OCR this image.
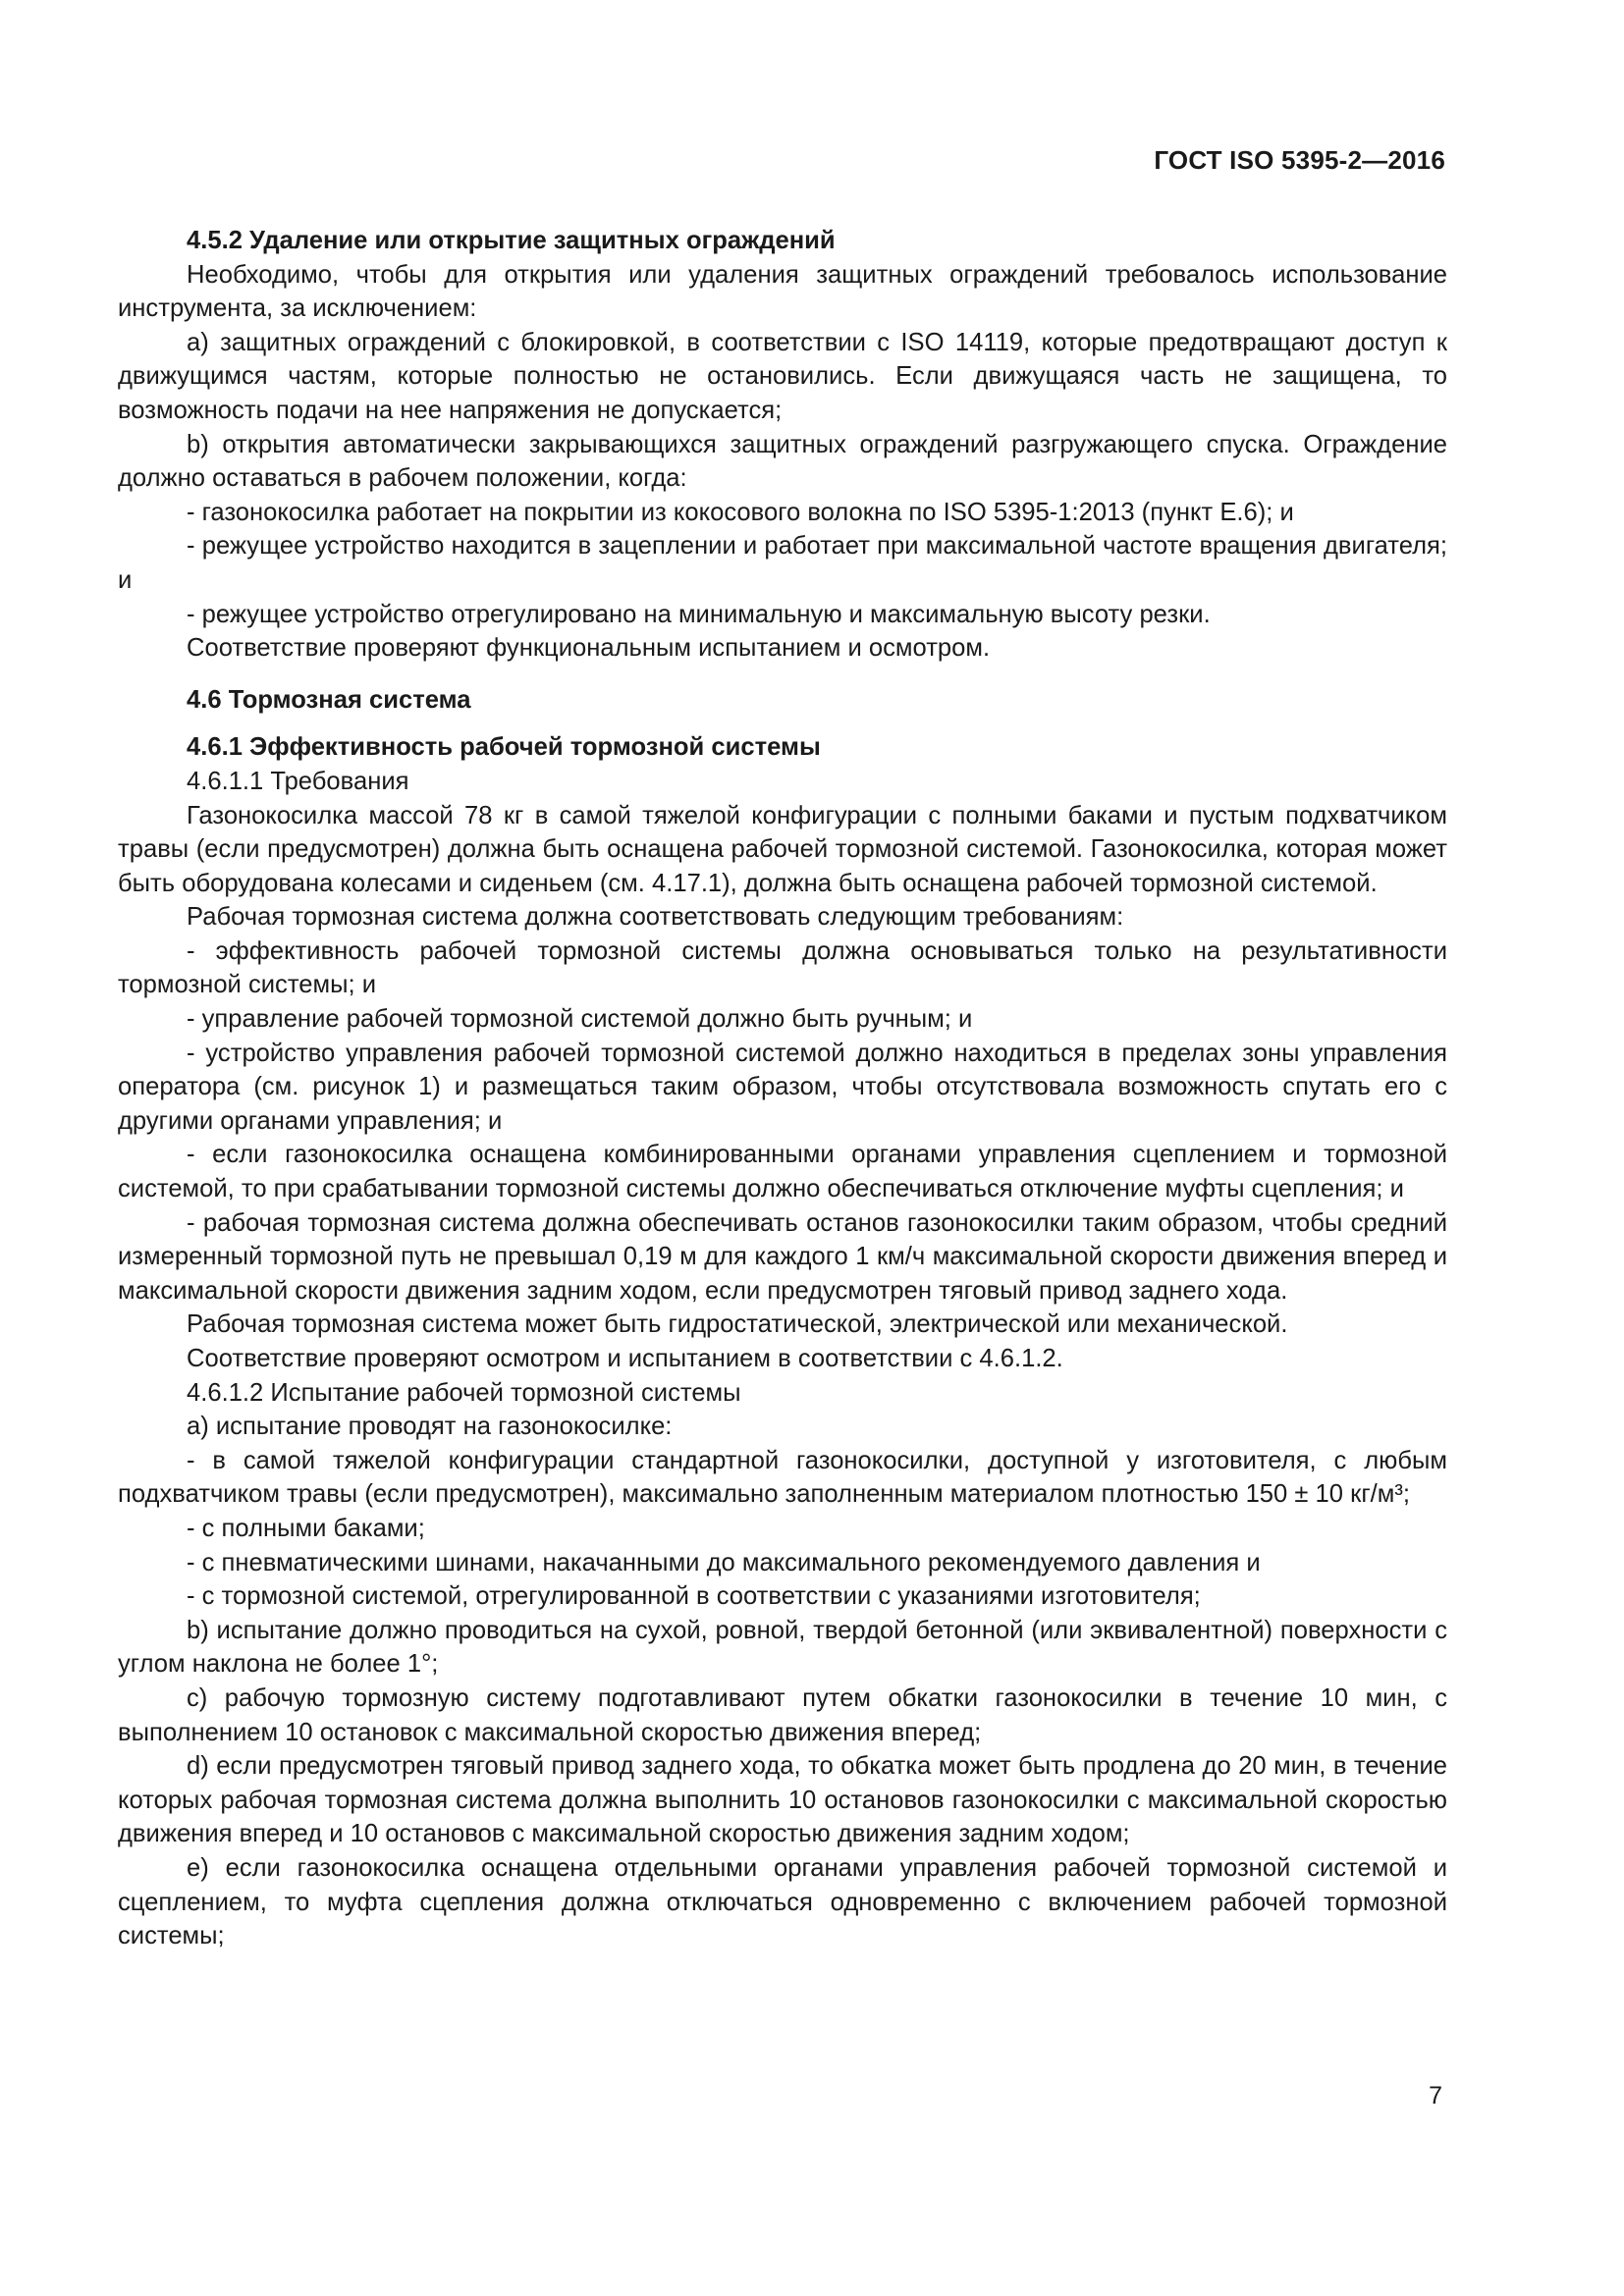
ГОСТ ISO 5395-2—2016

4.5.2 Удаление или открытие защитных ограждений

Необходимо, чтобы для открытия или удаления защитных ограждений требовалось использование инструмента, за исключением:

а) защитных ограждений с блокировкой, в соответствии с ISO 14119, которые предотвращают доступ к движущимся частям, которые полностью не остановились. Если движущаяся часть не защищена, то возможность подачи на нее напряжения не допускается;

b) открытия автоматически закрывающихся защитных ограждений разгружающего спуска. Ограждение должно оставаться в рабочем положении, когда:

- газонокосилка работает на покрытии из кокосового волокна по ISO 5395-1:2013 (пункт Е.6); и

- режущее устройство находится в зацеплении и работает при максимальной частоте вращения двигателя; и

- режущее устройство отрегулировано на минимальную и максимальную высоту резки.

Соответствие проверяют функциональным испытанием и осмотром.

4.6 Тормозная система

4.6.1 Эффективность рабочей тормозной системы

4.6.1.1 Требования

Газонокосилка массой 78 кг в самой тяжелой конфигурации с полными баками и пустым подхватчиком травы (если предусмотрен) должна быть оснащена рабочей тормозной системой. Газонокосилка, которая может быть оборудована колесами и сиденьем (см. 4.17.1), должна быть оснащена рабочей тормозной системой.

Рабочая тормозная система должна соответствовать следующим требованиям:

- эффективность рабочей тормозной системы должна основываться только на результативности тормозной системы; и

- управление рабочей тормозной системой должно быть ручным; и

- устройство управления рабочей тормозной системой должно находиться в пределах зоны управления оператора (см. рисунок 1) и размещаться таким образом, чтобы отсутствовала возможность спутать его с другими органами управления; и

- если газонокосилка оснащена комбинированными органами управления сцеплением и тормозной системой, то при срабатывании тормозной системы должно обеспечиваться отключение муфты сцепления; и

- рабочая тормозная система должна обеспечивать останов газонокосилки таким образом, чтобы средний измеренный тормозной путь не превышал 0,19 м для каждого 1 км/ч максимальной скорости движения вперед и максимальной скорости движения задним ходом, если предусмотрен тяговый привод заднего хода.

Рабочая тормозная система может быть гидростатической, электрической или механической.

Соответствие проверяют осмотром и испытанием в соответствии с 4.6.1.2.

4.6.1.2 Испытание рабочей тормозной системы

а) испытание проводят на газонокосилке:

- в самой тяжелой конфигурации стандартной газонокосилки, доступной у изготовителя, с любым подхватчиком травы (если предусмотрен), максимально заполненным материалом плотностью 150 ± 10 кг/м³;

- с полными баками;

- с пневматическими шинами, накачанными до максимального рекомендуемого давления и

- с тормозной системой, отрегулированной в соответствии с указаниями изготовителя;

b) испытание должно проводиться на сухой, ровной, твердой бетонной (или эквивалентной) поверхности с углом наклона не более 1°;

с) рабочую тормозную систему подготавливают путем обкатки газонокосилки в течение 10 мин, с выполнением 10 остановок с максимальной скоростью движения вперед;

d) если предусмотрен тяговый привод заднего хода, то обкатка может быть продлена до 20 мин, в течение которых рабочая тормозная система должна выполнить 10 остановов газонокосилки с максимальной скоростью движения вперед и 10 остановов с максимальной скоростью движения задним ходом;

е) если газонокосилка оснащена отдельными органами управления рабочей тормозной системой и сцеплением, то муфта сцепления должна отключаться одновременно с включением рабочей тормозной системы;

7
